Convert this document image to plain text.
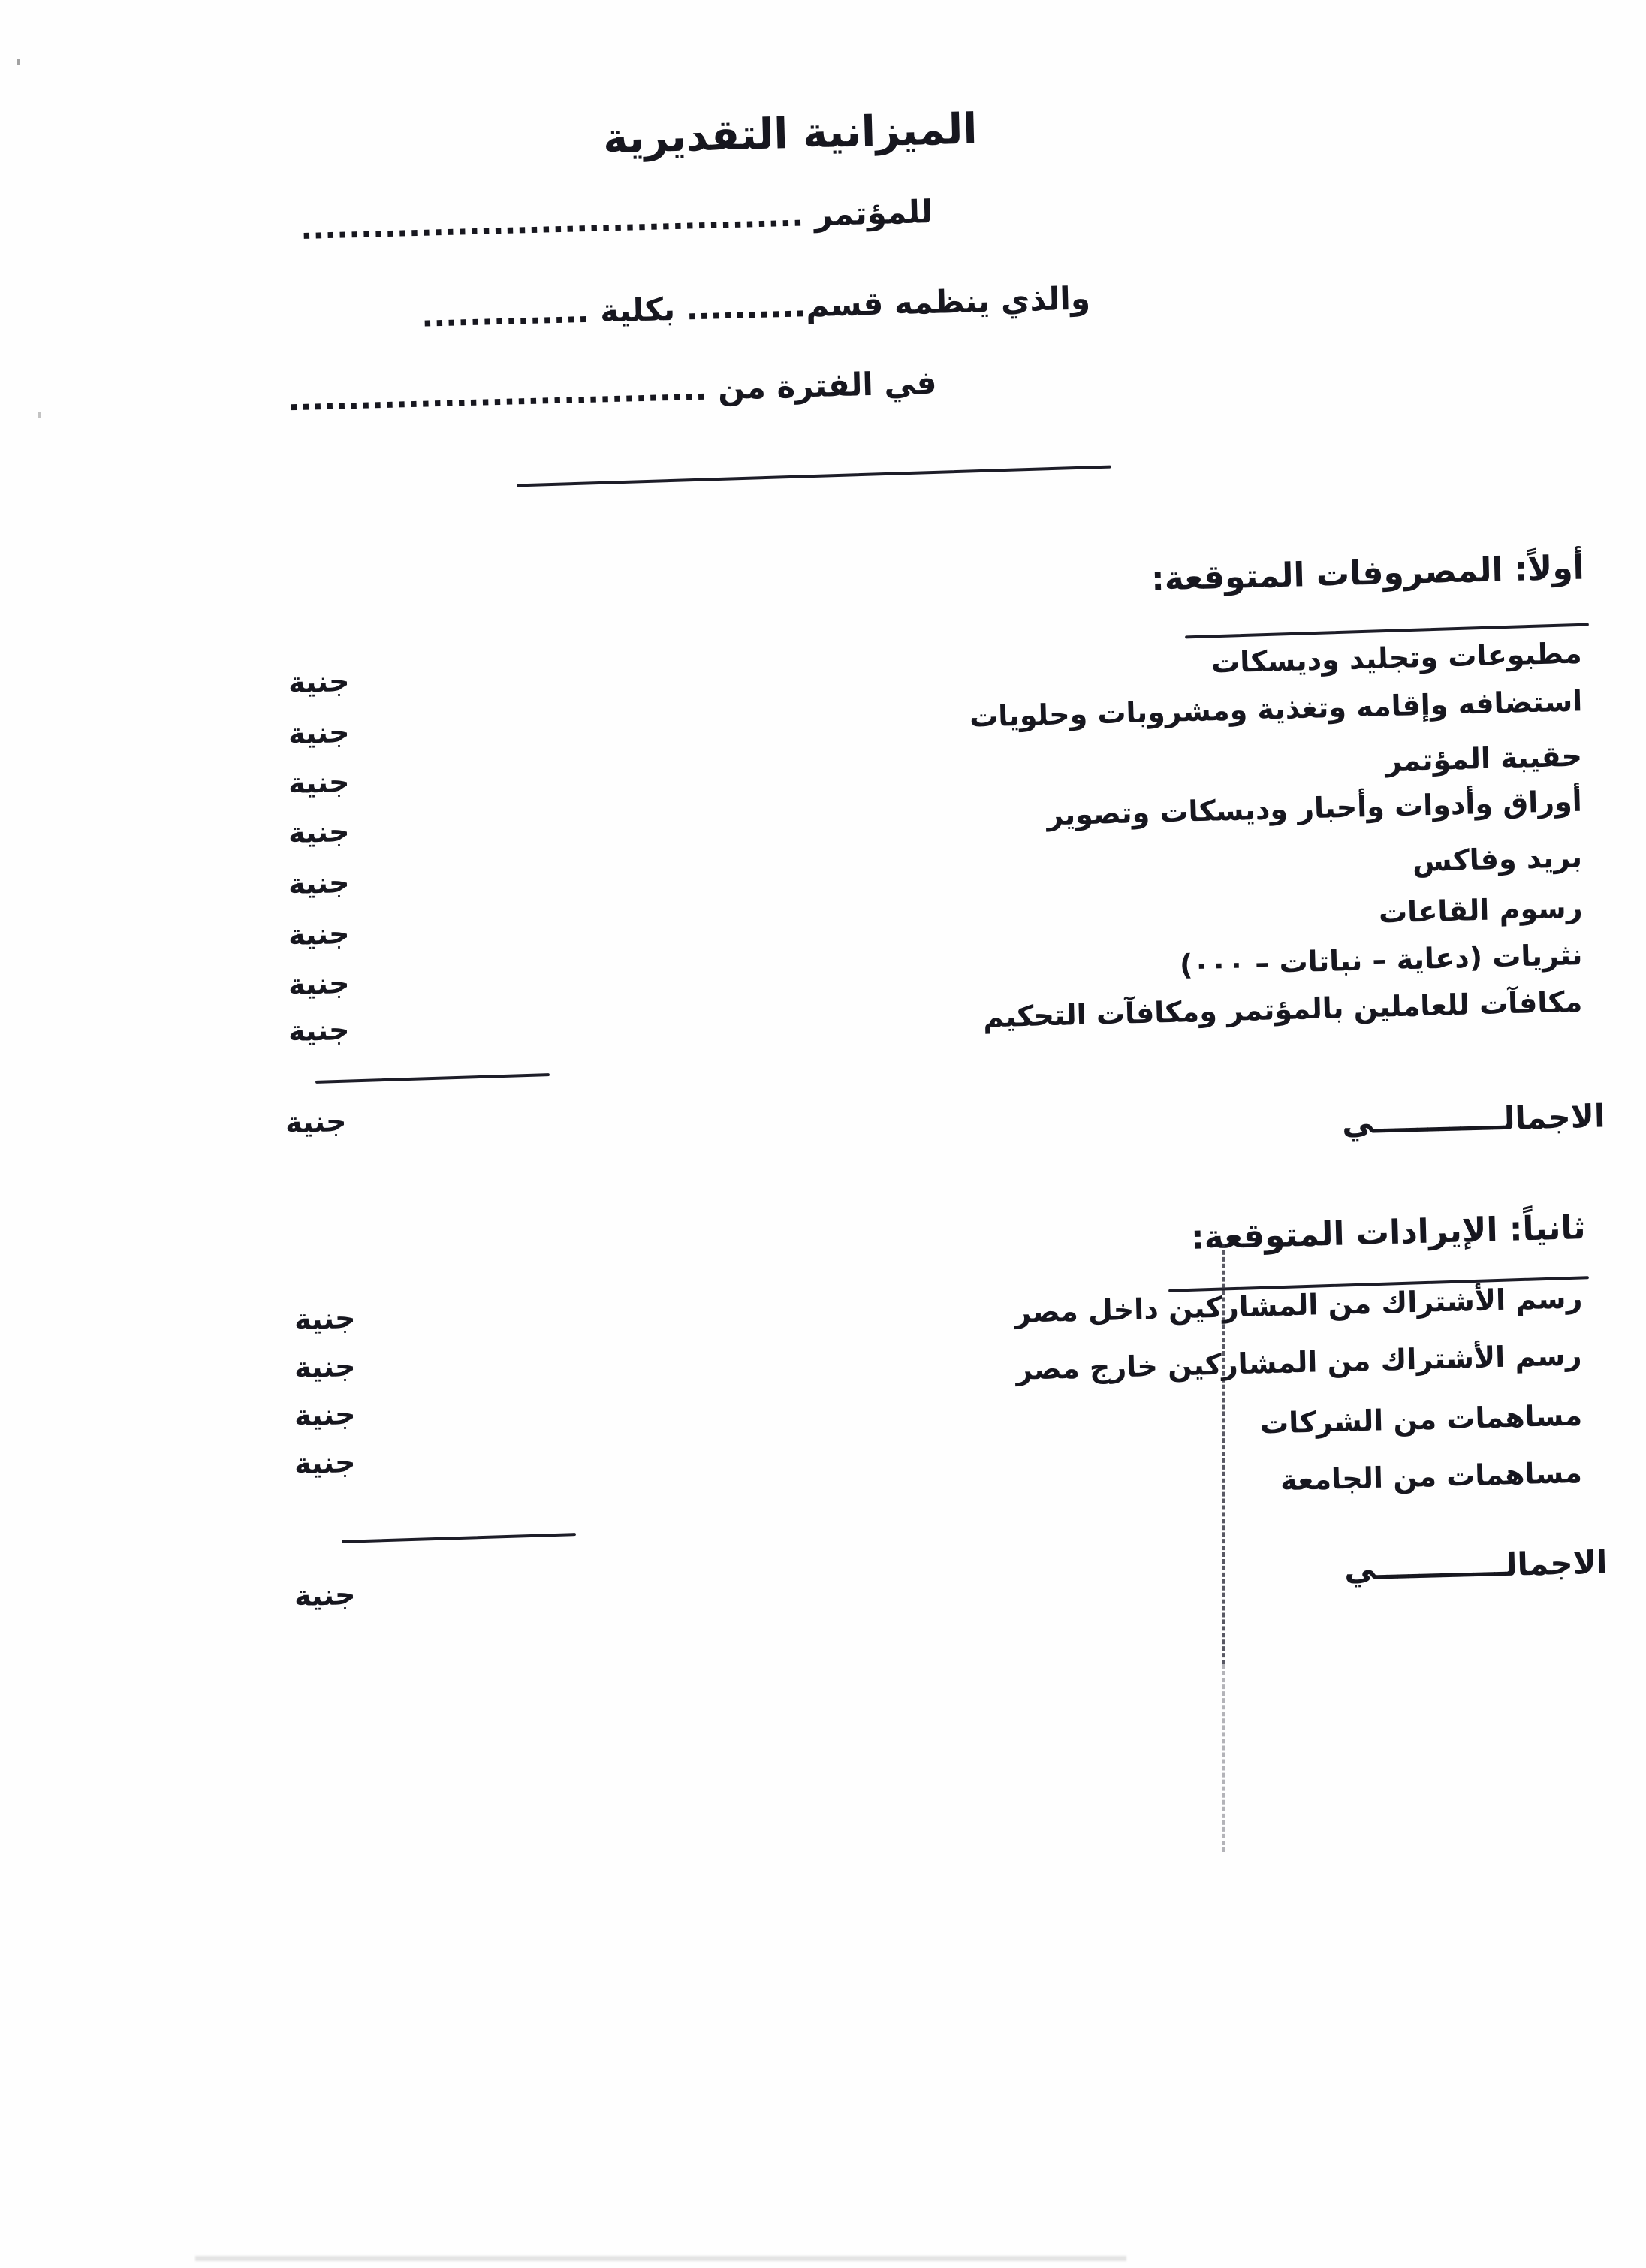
الميزانية التقديرية
للمؤتمر ..........................................
والذي ينظمه قسم.......... بكلية ..............
في الفترة من ...................................
أولاً: المصروفات المتوقعة:
مطبوعات وتجليد وديسكات
استضافه وإقامه وتغذية ومشروبات وحلويات
حقيبة المؤتمر
أوراق وأدوات وأحبار وديسكات وتصوير
بريد وفاكس
رسوم القاعات
نثريات (دعاية – نباتات – ٠٠٠)
مكافآت للعاملين بالمؤتمر ومكافآت التحكيم
جنية
جنية
جنية
جنية
جنية
جنية
جنية
جنية
الاجمالــــــــــــي
جنية
ثانياً: الإيرادات المتوقعة:
رسم الأشتراك من المشاركين داخل مصر
رسم الأشتراك من المشاركين خارج مصر
مساهمات من الشركات
مساهمات من الجامعة
جنية
جنية
جنية
جنية
الاجمالــــــــــــي
جنية
